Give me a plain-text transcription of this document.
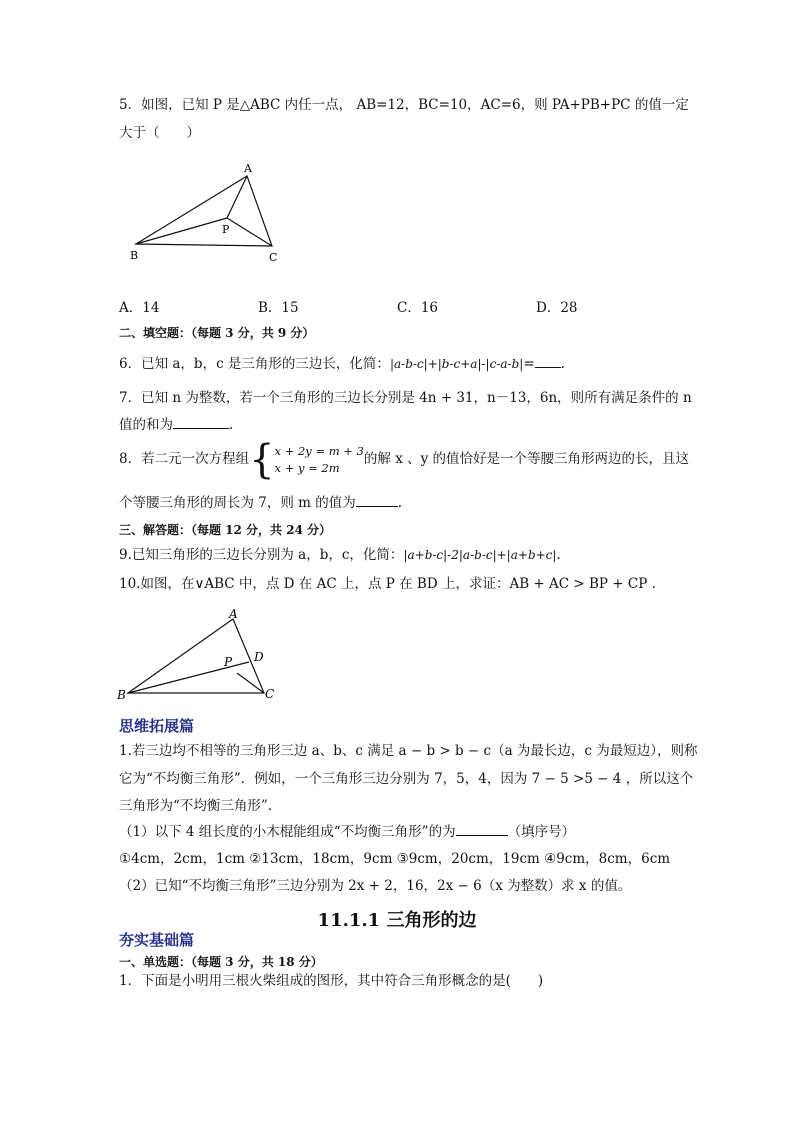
5．如图，已知 P 是△ABC 内任一点， AB=12，BC=10，AC=6，则 PA+PB+PC 的值一定
大于（　　）
A
B	C
P
A．14	B．15	C．16	D．28
二、填空题：（每题 3 分，共 9 分）
6．已知 a，b，c 是三角形的三边长，化简：|a-b-c|+|b-c+a|-|c-a-b|= .
7．已知 n 为整数，若一个三角形的三边长分别是 4n + 31，n－13，6n，则所有满足条件的 n
值的和为	.
8．若二元一次方程组{ x + 2y = m + 3
x + y = 2m
的解 x 、y 的值恰好是一个等腰三角形两边的长，且这
个等腰三角形的周长为 7，则 m 的值为	.
三、解答题：（每题 12 分，共 24 分）
9.已知三角形的三边长分别为 a，b，c，化简：|a+b-c|-2|a-b-c|+|a+b+c|.
10.如图，在∨ABC 中，点 D 在 AC 上，点 P 在 BD 上，求证：AB + AC > BP + CP .
A
B	C
P D
思维拓展篇
1.若三边均不相等的三角形三边 a、b、c 满足 a − b > b − c（a 为最长边，c 为最短边），则称
它为“不均衡三角形”．例如，一个三角形三边分别为 7，5，4，因为 7 − 5 >5 − 4 ，所以这个
三角形为“不均衡三角形”．
（1）以下 4 组长度的小木棍能组成“不均衡三角形”的为	（填序号）
①4cm，2cm，1cm ②13cm，18cm，9cm ③9cm，20cm，19cm ④9cm，8cm，6cm
（2）已知“不均衡三角形”三边分别为 2x + 2，16，2x − 6（x 为整数）求 x 的值。
11.1.1 三角形的边
夯实基础篇
一、单选题：（每题 3 分，共 18 分）
1．下面是小明用三根火柴组成的图形，其中符合三角形概念的是(　　)
